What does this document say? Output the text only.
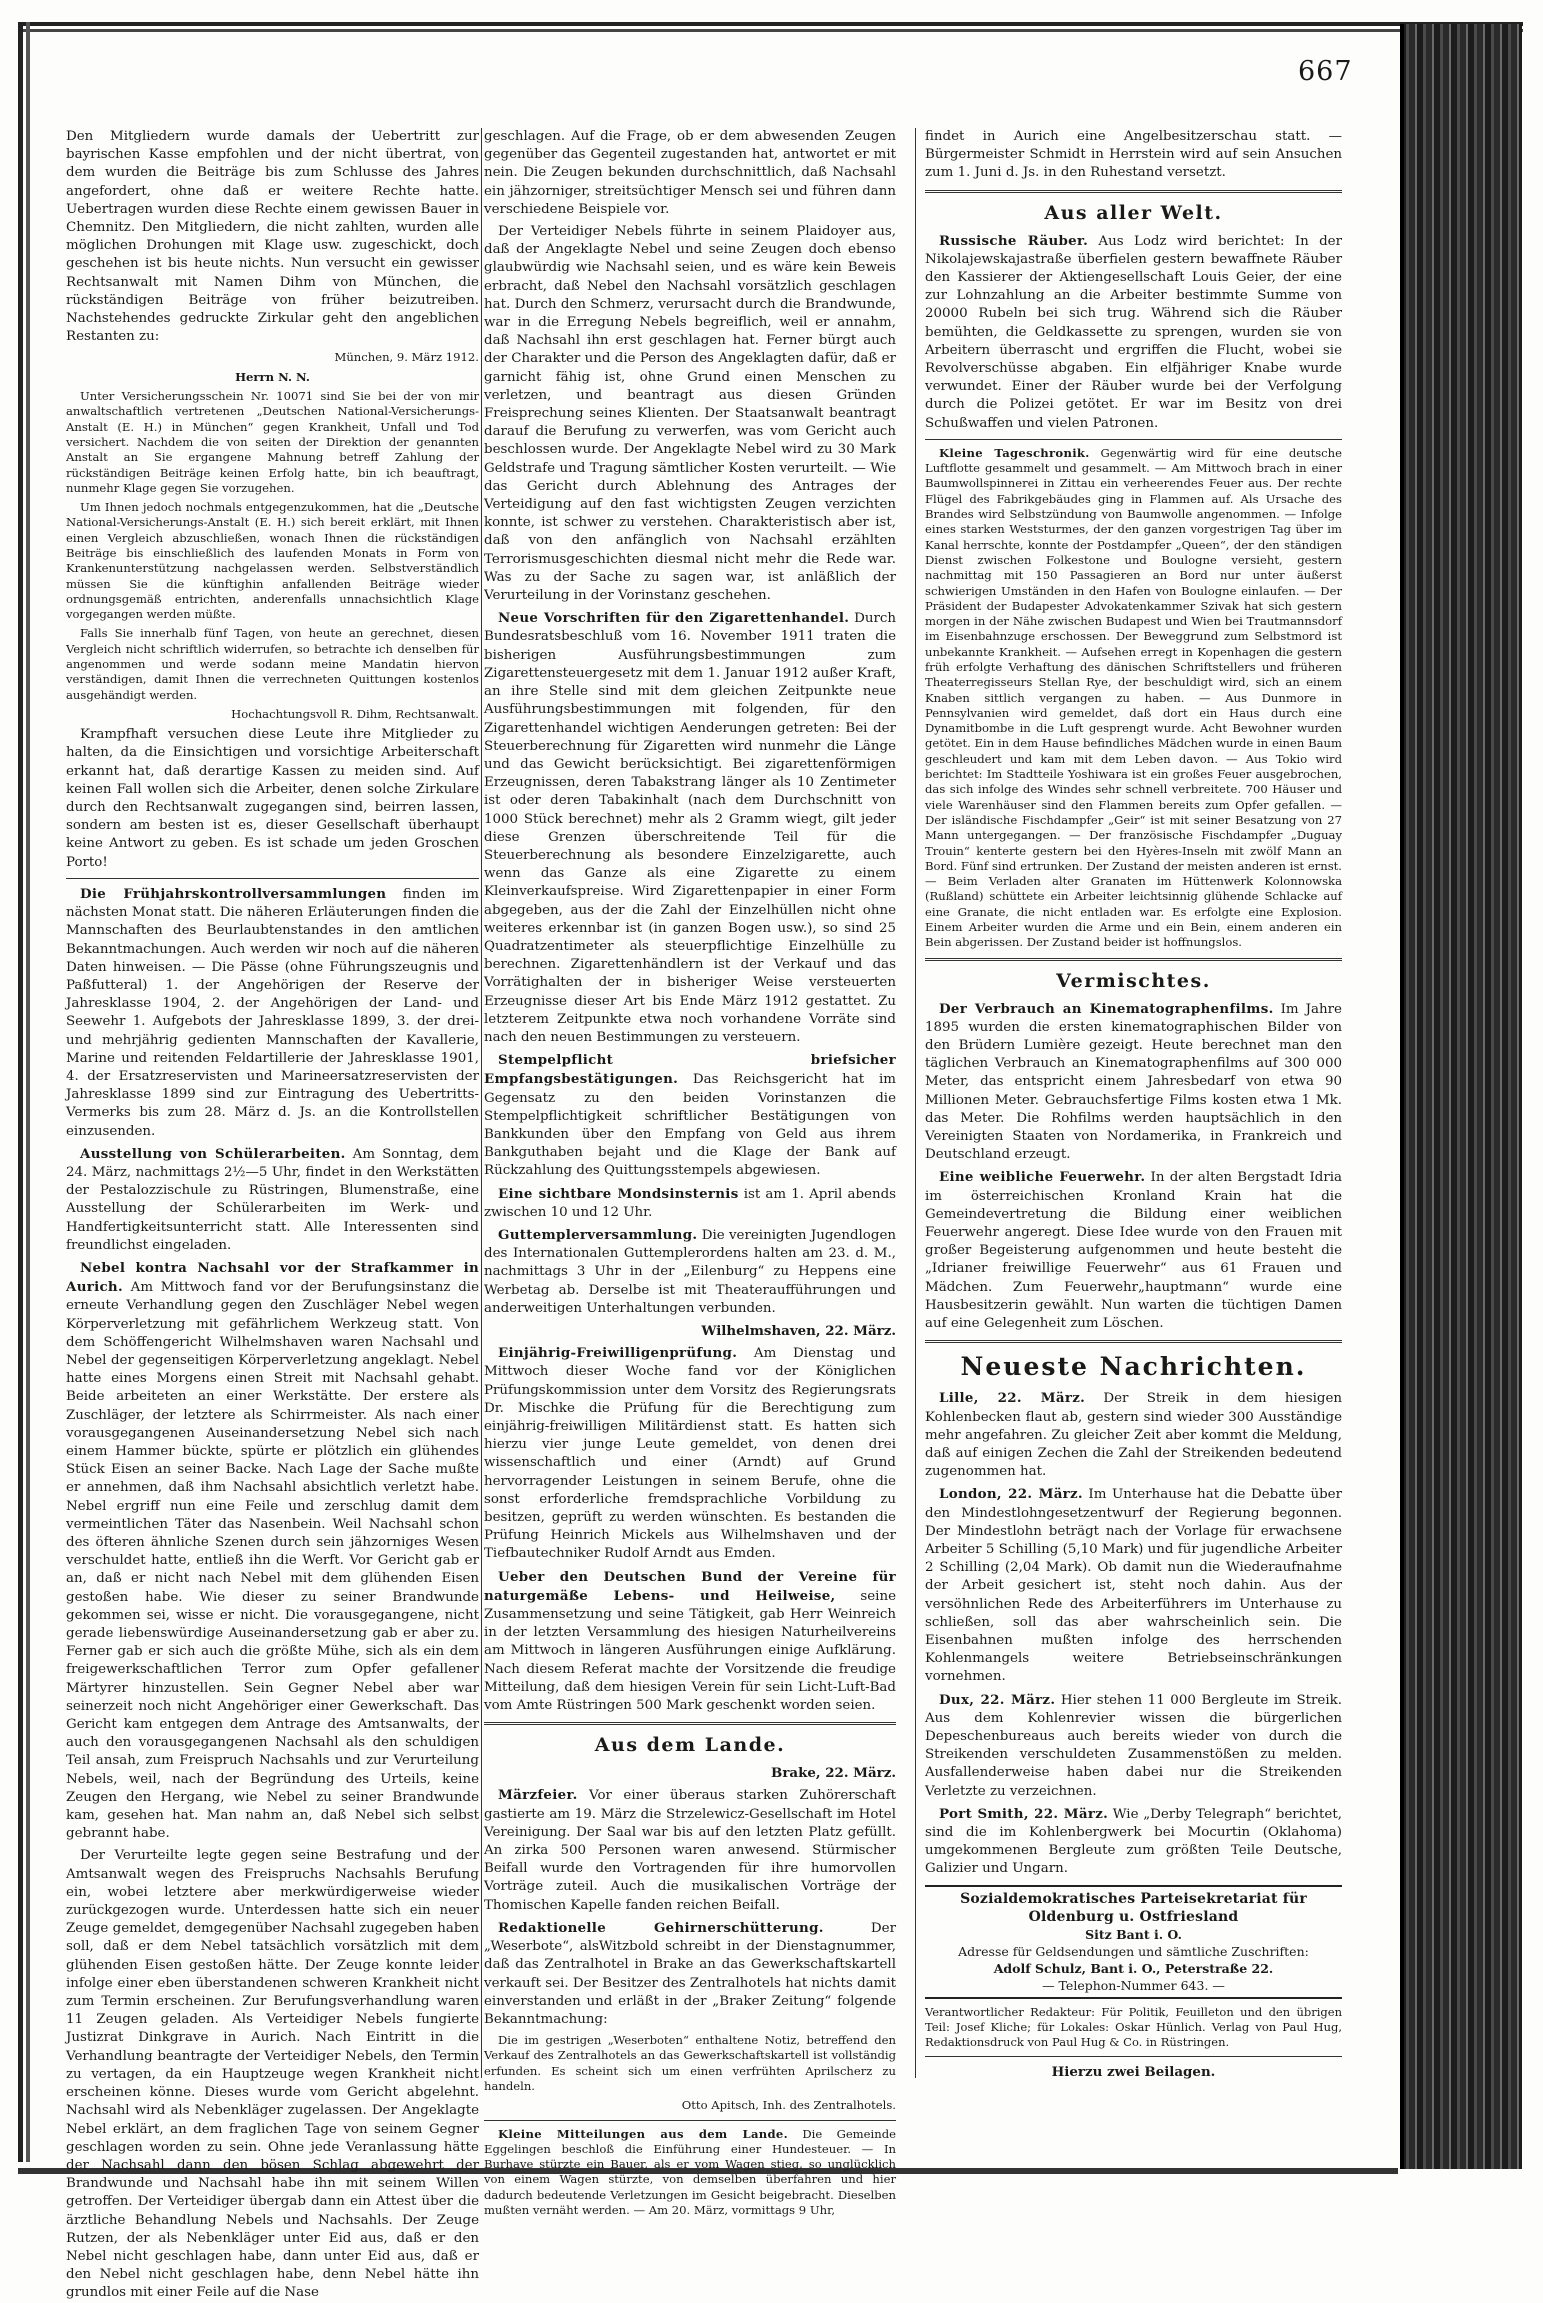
667

Den Mitgliedern wurde damals der Uebertritt zur bayrischen Kasse empfohlen und der nicht übertrat, von dem wurden die Beiträge bis zum Schlusse des Jahres angefordert, ohne daß er weitere Rechte hatte. Uebertragen wurden diese Rechte einem gewissen Bauer in Chemnitz. Den Mitgliedern, die nicht zahlten, wurden alle möglichen Drohungen mit Klage usw. zugeschickt, doch geschehen ist bis heute nichts. Nun versucht ein gewisser Rechtsanwalt mit Namen Dihm von München, die rückständigen Beiträge von früher beizutreiben. Nachstehendes gedruckte Zirkular geht den angeblichen Restanten zu:

München, 9. März 1912.

Herrn N. N.

Unter Versicherungsschein Nr. 10071 sind Sie bei der von mir anwaltschaftlich vertretenen „Deutschen National-Versicherungs-Anstalt (E. H.) in München“ gegen Krankheit, Unfall und Tod versichert. Nachdem die von seiten der Direktion der genannten Anstalt an Sie ergangene Mahnung betreff Zahlung der rückständigen Beiträge keinen Erfolg hatte, bin ich beauftragt, nunmehr Klage gegen Sie vorzugehen.

Um Ihnen jedoch nochmals entgegenzukommen, hat die „Deutsche National-Versicherungs-Anstalt (E. H.) sich bereit erklärt, mit Ihnen einen Vergleich abzuschließen, wonach Ihnen die rückständigen Beiträge bis einschließlich des laufenden Monats in Form von Krankenunterstützung nachgelassen werden. Selbstverständlich müssen Sie die künftighin anfallenden Beiträge wieder ordnungsgemäß entrichten, anderenfalls unnachsichtlich Klage vorgegangen werden müßte.

Falls Sie innerhalb fünf Tagen, von heute an gerechnet, diesen Vergleich nicht schriftlich widerrufen, so betrachte ich denselben für angenommen und werde sodann meine Mandatin hiervon verständigen, damit Ihnen die verrechneten Quittungen kostenlos ausgehändigt werden.

Hochachtungsvoll R. Dihm, Rechtsanwalt.

Krampfhaft versuchen diese Leute ihre Mitglieder zu halten, da die Einsichtigen und vorsichtige Arbeiterschaft erkannt hat, daß derartige Kassen zu meiden sind. Auf keinen Fall wollen sich die Arbeiter, denen solche Zirkulare durch den Rechtsanwalt zugegangen sind, beirren lassen, sondern am besten ist es, dieser Gesellschaft überhaupt keine Antwort zu geben. Es ist schade um jeden Groschen Porto!

Die Frühjahrskontrollversammlungen finden im nächsten Monat statt. Die näheren Erläuterungen finden die Mannschaften des Beurlaubtenstandes in den amtlichen Bekanntmachungen. Auch werden wir noch auf die näheren Daten hinweisen. — Die Pässe (ohne Führungszeugnis und Paßfutteral) 1. der Angehörigen der Reserve der Jahresklasse 1904, 2. der Angehörigen der Land- und Seewehr 1. Aufgebots der Jahresklasse 1899, 3. der drei- und mehrjährig gedienten Mannschaften der Kavallerie, Marine und reitenden Feldartillerie der Jahresklasse 1901, 4. der Ersatzreservisten und Marineersatzreservisten der Jahresklasse 1899 sind zur Eintragung des Uebertritts-Vermerks bis zum 28. März d. Js. an die Kontrollstellen einzusenden.

Ausstellung von Schülerarbeiten. Am Sonntag, dem 24. März, nachmittags 2½—5 Uhr, findet in den Werkstätten der Pestalozzischule zu Rüstringen, Blumenstraße, eine Ausstellung der Schülerarbeiten im Werk- und Handfertigkeitsunterricht statt. Alle Interessenten sind freundlichst eingeladen.

Nebel kontra Nachsahl vor der Strafkammer in Aurich. Am Mittwoch fand vor der Berufungsinstanz die erneute Verhandlung gegen den Zuschläger Nebel wegen Körperverletzung mit gefährlichem Werkzeug statt. Von dem Schöffengericht Wilhelmshaven waren Nachsahl und Nebel der gegenseitigen Körperverletzung angeklagt. Nebel hatte eines Morgens einen Streit mit Nachsahl gehabt. Beide arbeiteten an einer Werkstätte. Der erstere als Zuschläger, der letztere als Schirrmeister. Als nach einer vorausgegangenen Auseinandersetzung Nebel sich nach einem Hammer bückte, spürte er plötzlich ein glühendes Stück Eisen an seiner Backe. Nach Lage der Sache mußte er annehmen, daß ihm Nachsahl absichtlich verletzt habe. Nebel ergriff nun eine Feile und zerschlug damit dem vermeintlichen Täter das Nasenbein. Weil Nachsahl schon des öfteren ähnliche Szenen durch sein jähzorniges Wesen verschuldet hatte, entließ ihn die Werft. Vor Gericht gab er an, daß er nicht nach Nebel mit dem glühenden Eisen gestoßen habe. Wie dieser zu seiner Brandwunde gekommen sei, wisse er nicht. Die vorausgegangene, nicht gerade liebenswürdige Auseinandersetzung gab er aber zu. Ferner gab er sich auch die größte Mühe, sich als ein dem freigewerkschaftlichen Terror zum Opfer gefallener Märtyrer hinzustellen. Sein Gegner Nebel aber war seinerzeit noch nicht Angehöriger einer Gewerkschaft. Das Gericht kam entgegen dem Antrage des Amtsanwalts, der auch den vorausgegangenen Nachsahl als den schuldigen Teil ansah, zum Freispruch Nachsahls und zur Verurteilung Nebels, weil, nach der Begründung des Urteils, keine Zeugen den Hergang, wie Nebel zu seiner Brandwunde kam, gesehen hat. Man nahm an, daß Nebel sich selbst gebrannt habe.

Der Verurteilte legte gegen seine Bestrafung und der Amtsanwalt wegen des Freispruchs Nachsahls Berufung ein, wobei letztere aber merkwürdigerweise wieder zurückgezogen wurde. Unterdessen hatte sich ein neuer Zeuge gemeldet, demgegenüber Nachsahl zugegeben haben soll, daß er dem Nebel tatsächlich vorsätzlich mit dem glühenden Eisen gestoßen hätte. Der Zeuge konnte leider infolge einer eben überstandenen schweren Krankheit nicht zum Termin erscheinen. Zur Berufungsverhandlung waren 11 Zeugen geladen. Als Verteidiger Nebels fungierte Justizrat Dinkgrave in Aurich. Nach Eintritt in die Verhandlung beantragte der Verteidiger Nebels, den Termin zu vertagen, da ein Hauptzeuge wegen Krankheit nicht erscheinen könne. Dieses wurde vom Gericht abgelehnt. Nachsahl wird als Nebenkläger zugelassen. Der Angeklagte Nebel erklärt, an dem fraglichen Tage von seinem Gegner geschlagen worden zu sein. Ohne jede Veranlassung hätte der Nachsahl dann den bösen Schlag abgewehrt der Brandwunde und Nachsahl habe ihn mit seinem Willen getroffen. Der Verteidiger übergab dann ein Attest über die ärztliche Behandlung Nebels und Nachsahls. Der Zeuge Rutzen, der als Nebenkläger unter Eid aus, daß er den Nebel nicht geschlagen habe, dann unter Eid aus, daß er den Nebel nicht geschlagen habe, denn Nebel hätte ihn grundlos mit einer Feile auf die Nase

geschlagen. Auf die Frage, ob er dem abwesenden Zeugen gegenüber das Gegenteil zugestanden hat, antwortet er mit nein. Die Zeugen bekunden durchschnittlich, daß Nachsahl ein jähzorniger, streitsüchtiger Mensch sei und führen dann verschiedene Beispiele vor.

Der Verteidiger Nebels führte in seinem Plaidoyer aus, daß der Angeklagte Nebel und seine Zeugen doch ebenso glaubwürdig wie Nachsahl seien, und es wäre kein Beweis erbracht, daß Nebel den Nachsahl vorsätzlich geschlagen hat. Durch den Schmerz, verursacht durch die Brandwunde, war in die Erregung Nebels begreiflich, weil er annahm, daß Nachsahl ihn erst geschlagen hat. Ferner bürgt auch der Charakter und die Person des Angeklagten dafür, daß er garnicht fähig ist, ohne Grund einen Menschen zu verletzen, und beantragt aus diesen Gründen Freisprechung seines Klienten. Der Staatsanwalt beantragt darauf die Berufung zu verwerfen, was vom Gericht auch beschlossen wurde. Der Angeklagte Nebel wird zu 30 Mark Geldstrafe und Tragung sämtlicher Kosten verurteilt. — Wie das Gericht durch Ablehnung des Antrages der Verteidigung auf den fast wichtigsten Zeugen verzichten konnte, ist schwer zu verstehen. Charakteristisch aber ist, daß von den anfänglich von Nachsahl erzählten Terrorismusgeschichten diesmal nicht mehr die Rede war. Was zu der Sache zu sagen war, ist anläßlich der Verurteilung in der Vorinstanz geschehen.

Neue Vorschriften für den Zigarettenhandel. Durch Bundesratsbeschluß vom 16. November 1911 traten die bisherigen Ausführungsbestimmungen zum Zigarettensteuergesetz mit dem 1. Januar 1912 außer Kraft, an ihre Stelle sind mit dem gleichen Zeitpunkte neue Ausführungsbestimmungen mit folgenden, für den Zigarettenhandel wichtigen Aenderungen getreten: Bei der Steuerberechnung für Zigaretten wird nunmehr die Länge und das Gewicht berücksichtigt. Bei zigarettenförmigen Erzeugnissen, deren Tabakstrang länger als 10 Zentimeter ist oder deren Tabakinhalt (nach dem Durchschnitt von 1000 Stück berechnet) mehr als 2 Gramm wiegt, gilt jeder diese Grenzen überschreitende Teil für die Steuerberechnung als besondere Einzelzigarette, auch wenn das Ganze als eine Zigarette zu einem Kleinverkaufspreise. Wird Zigarettenpapier in einer Form abgegeben, aus der die Zahl der Einzelhüllen nicht ohne weiteres erkennbar ist (in ganzen Bogen usw.), so sind 25 Quadratzentimeter als steuerpflichtige Einzelhülle zu berechnen. Zigarettenhändlern ist der Verkauf und das Vorrätighalten der in bisheriger Weise versteuerten Erzeugnisse dieser Art bis Ende März 1912 gestattet. Zu letzterem Zeitpunkte etwa noch vorhandene Vorräte sind nach den neuen Bestimmungen zu versteuern.

Stempelpflicht briefsicher Empfangsbestätigungen. Das Reichsgericht hat im Gegensatz zu den beiden Vorinstanzen die Stempelpflichtigkeit schriftlicher Bestätigungen von Bankkunden über den Empfang von Geld aus ihrem Bankguthaben bejaht und die Klage der Bank auf Rückzahlung des Quittungsstempels abgewiesen.

Eine sichtbare Mondsinsternis ist am 1. April abends zwischen 10 und 12 Uhr.

Guttemplerversammlung. Die vereinigten Jugendlogen des Internationalen Guttemplerordens halten am 23. d. M., nachmittags 3 Uhr in der „Eilenburg“ zu Heppens eine Werbetag ab. Derselbe ist mit Theateraufführungen und anderweitigen Unterhaltungen verbunden.

Wilhelmshaven, 22. März.

Einjährig-Freiwilligenprüfung. Am Dienstag und Mittwoch dieser Woche fand vor der Königlichen Prüfungskommission unter dem Vorsitz des Regierungsrats Dr. Mischke die Prüfung für die Berechtigung zum einjährig-freiwilligen Militärdienst statt. Es hatten sich hierzu vier junge Leute gemeldet, von denen drei wissenschaftlich und einer (Arndt) auf Grund hervorragender Leistungen in seinem Berufe, ohne die sonst erforderliche fremdsprachliche Vorbildung zu besitzen, geprüft zu werden wünschten. Es bestanden die Prüfung Heinrich Mickels aus Wilhelmshaven und der Tiefbautechniker Rudolf Arndt aus Emden.

Ueber den Deutschen Bund der Vereine für naturgemäße Lebens- und Heilweise, seine Zusammensetzung und seine Tätigkeit, gab Herr Weinreich in der letzten Versammlung des hiesigen Naturheilvereins am Mittwoch in längeren Ausführungen einige Aufklärung. Nach diesem Referat machte der Vorsitzende die freudige Mitteilung, daß dem hiesigen Verein für sein Licht-Luft-Bad vom Amte Rüstringen 500 Mark geschenkt worden seien.

Aus dem Lande.

Brake, 22. März.

Märzfeier. Vor einer überaus starken Zuhörerschaft gastierte am 19. März die Strzelewicz-Gesellschaft im Hotel Vereinigung. Der Saal war bis auf den letzten Platz gefüllt. An zirka 500 Personen waren anwesend. Stürmischer Beifall wurde den Vortragenden für ihre humorvollen Vorträge zuteil. Auch die musikalischen Vorträge der Thomischen Kapelle fanden reichen Beifall.

Redaktionelle Gehirnerschütterung. Der „Weserbote“, alsWitzbold schreibt in der Dienstagnummer, daß das Zentralhotel in Brake an das Gewerkschaftskartell verkauft sei. Der Besitzer des Zentralhotels hat nichts damit einverstanden und erläßt in der „Braker Zeitung“ folgende Bekanntmachung:

Die im gestrigen „Weserboten“ enthaltene Notiz, betreffend den Verkauf des Zentralhotels an das Gewerkschaftskartell ist vollständig erfunden. Es scheint sich um einen verfrühten Aprilscherz zu handeln.

Otto Apitsch, Inh. des Zentralhotels.

Kleine Mitteilungen aus dem Lande. Die Gemeinde Eggelingen beschloß die Einführung einer Hundesteuer. — In Burhave stürzte ein Bauer, als er vom Wagen stieg, so unglücklich von einem Wagen stürzte, von demselben überfahren und hier dadurch bedeutende Verletzungen im Gesicht beigebracht. Dieselben mußten vernäht werden. — Am 20. März, vormittags 9 Uhr,

findet in Aurich eine Angelbesitzerschau statt. — Bürgermeister Schmidt in Herrstein wird auf sein Ansuchen zum 1. Juni d. Js. in den Ruhestand versetzt.

Aus aller Welt.

Russische Räuber. Aus Lodz wird berichtet: In der Nikolajewskajastraße überfielen gestern bewaffnete Räuber den Kassierer der Aktiengesellschaft Louis Geier, der eine zur Lohnzahlung an die Arbeiter bestimmte Summe von 20000 Rubeln bei sich trug. Während sich die Räuber bemühten, die Geldkassette zu sprengen, wurden sie von Arbeitern überrascht und ergriffen die Flucht, wobei sie Revolverschüsse abgaben. Ein elfjähriger Knabe wurde verwundet. Einer der Räuber wurde bei der Verfolgung durch die Polizei getötet. Er war im Besitz von drei Schußwaffen und vielen Patronen.

Kleine Tageschronik. Gegenwärtig wird für eine deutsche Luftflotte gesammelt und gesammelt. — Am Mittwoch brach in einer Baumwollspinnerei in Zittau ein verheerendes Feuer aus. Der rechte Flügel des Fabrikgebäudes ging in Flammen auf. Als Ursache des Brandes wird Selbstzündung von Baumwolle angenommen. — Infolge eines starken Weststurmes, der den ganzen vorgestrigen Tag über im Kanal herrschte, konnte der Postdampfer „Queen“, der den ständigen Dienst zwischen Folkestone und Boulogne versieht, gestern nachmittag mit 150 Passagieren an Bord nur unter äußerst schwierigen Umständen in den Hafen von Boulogne einlaufen. — Der Präsident der Budapester Advokatenkammer Szivak hat sich gestern morgen in der Nähe zwischen Budapest und Wien bei Trautmannsdorf im Eisenbahnzuge erschossen. Der Beweggrund zum Selbstmord ist unbekannte Krankheit. — Aufsehen erregt in Kopenhagen die gestern früh erfolgte Verhaftung des dänischen Schriftstellers und früheren Theaterregisseurs Stellan Rye, der beschuldigt wird, sich an einem Knaben sittlich vergangen zu haben. — Aus Dunmore in Pennsylvanien wird gemeldet, daß dort ein Haus durch eine Dynamitbombe in die Luft gesprengt wurde. Acht Bewohner wurden getötet. Ein in dem Hause befindliches Mädchen wurde in einen Baum geschleudert und kam mit dem Leben davon. — Aus Tokio wird berichtet: Im Stadtteile Yoshiwara ist ein großes Feuer ausgebrochen, das sich infolge des Windes sehr schnell verbreitete. 700 Häuser und viele Warenhäuser sind den Flammen bereits zum Opfer gefallen. — Der isländische Fischdampfer „Geir“ ist mit seiner Besatzung von 27 Mann untergegangen. — Der französische Fischdampfer „Duguay Trouin“ kenterte gestern bei den Hyères-Inseln mit zwölf Mann an Bord. Fünf sind ertrunken. Der Zustand der meisten anderen ist ernst. — Beim Verladen alter Granaten im Hüttenwerk Kolonnowska (Rußland) schüttete ein Arbeiter leichtsinnig glühende Schlacke auf eine Granate, die nicht entladen war. Es erfolgte eine Explosion. Einem Arbeiter wurden die Arme und ein Bein, einem anderen ein Bein abgerissen. Der Zustand beider ist hoffnungslos.

Vermischtes.

Der Verbrauch an Kinematographenfilms. Im Jahre 1895 wurden die ersten kinematographischen Bilder von den Brüdern Lumière gezeigt. Heute berechnet man den täglichen Verbrauch an Kinematographenfilms auf 300 000 Meter, das entspricht einem Jahresbedarf von etwa 90 Millionen Meter. Gebrauchsfertige Films kosten etwa 1 Mk. das Meter. Die Rohfilms werden hauptsächlich in den Vereinigten Staaten von Nordamerika, in Frankreich und Deutschland erzeugt.

Eine weibliche Feuerwehr. In der alten Bergstadt Idria im österreichischen Kronland Krain hat die Gemeindevertretung die Bildung einer weiblichen Feuerwehr angeregt. Diese Idee wurde von den Frauen mit großer Begeisterung aufgenommen und heute besteht die „Idrianer freiwillige Feuerwehr“ aus 61 Frauen und Mädchen. Zum Feuerwehr„hauptmann“ wurde eine Hausbesitzerin gewählt. Nun warten die tüchtigen Damen auf eine Gelegenheit zum Löschen.

Neueste Nachrichten.

Lille, 22. März. Der Streik in dem hiesigen Kohlenbecken flaut ab, gestern sind wieder 300 Ausständige mehr angefahren. Zu gleicher Zeit aber kommt die Meldung, daß auf einigen Zechen die Zahl der Streikenden bedeutend zugenommen hat.

London, 22. März. Im Unterhause hat die Debatte über den Mindestlohngesetzentwurf der Regierung begonnen. Der Mindestlohn beträgt nach der Vorlage für erwachsene Arbeiter 5 Schilling (5,10 Mark) und für jugendliche Arbeiter 2 Schilling (2,04 Mark). Ob damit nun die Wiederaufnahme der Arbeit gesichert ist, steht noch dahin. Aus der versöhnlichen Rede des Arbeiterführers im Unterhause zu schließen, soll das aber wahrscheinlich sein. Die Eisenbahnen mußten infolge des herrschenden Kohlenmangels weitere Betriebseinschränkungen vornehmen.

Dux, 22. März. Hier stehen 11 000 Bergleute im Streik. Aus dem Kohlenrevier wissen die bürgerlichen Depeschenbureaus auch bereits wieder von durch die Streikenden verschuldeten Zusammenstößen zu melden. Ausfallenderweise haben dabei nur die Streikenden Verletzte zu verzeichnen.

Port Smith, 22. März. Wie „Derby Telegraph“ berichtet, sind die im Kohlenbergwerk bei Mocurtin (Oklahoma) umgekommenen Bergleute zum größten Teile Deutsche, Galizier und Ungarn.

Sozialdemokratisches Parteisekretariat für Oldenburg u. Ostfriesland
Sitz Bant i. O.
Adresse für Geldsendungen und sämtliche Zuschriften:
Adolf Schulz, Bant i. O., Peterstraße 22.
— Telephon-Nummer 643. —

Verantwortlicher Redakteur: Für Politik, Feuilleton und den übrigen Teil: Josef Kliche; für Lokales: Oskar Hünlich. Verlag von Paul Hug, Redaktionsdruck von Paul Hug & Co. in Rüstringen.

Hierzu zwei Beilagen.
